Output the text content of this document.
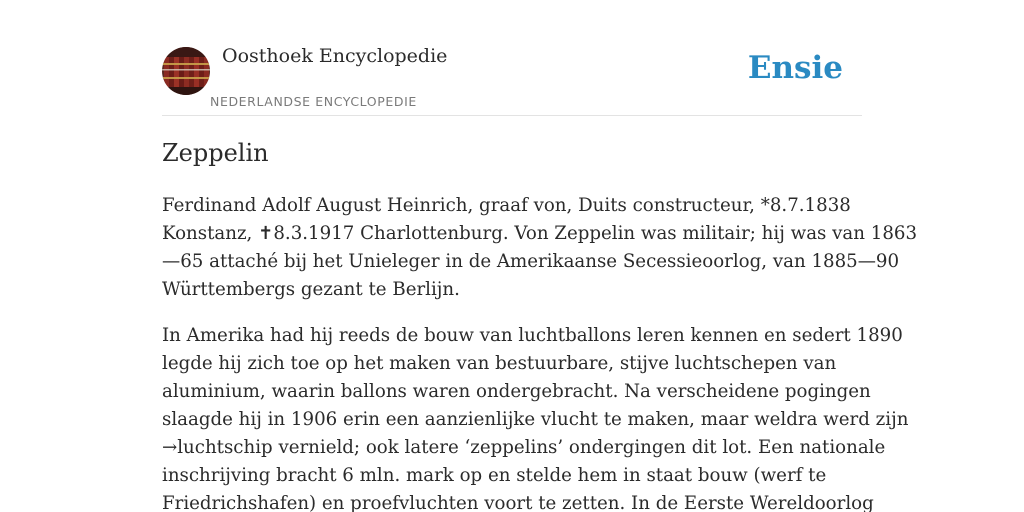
Oosthoek Encyclopedie
NEDERLANDSE ENCYCLOPEDIE
Ensie
Zeppelin

Ferdinand Adolf August Heinrich, graaf von, Duits constructeur, *8.7.1838
Konstanz, ✝8.3.1917 Charlottenburg. Von Zeppelin was militair; hij was van 1863
—65 attaché bij het Unieleger in de Amerikaanse Secessieoorlog, van 1885—90
Württembergs gezant te Berlijn.

In Amerika had hij reeds de bouw van luchtballons leren kennen en sedert 1890
legde hij zich toe op het maken van bestuurbare, stijve luchtschepen van
aluminium, waarin ballons waren ondergebracht. Na verscheidene pogingen
slaagde hij in 1906 erin een aanzienlijke vlucht te maken, maar weldra werd zijn
→luchtschip vernield; ook latere ‘zeppelins’ ondergingen dit lot. Een nationale
inschrijving bracht 6 mln. mark op en stelde hem in staat bouw (werf te
Friedrichshafen) en proefvluchten voort te zetten. In de Eerste Wereldoorlog
